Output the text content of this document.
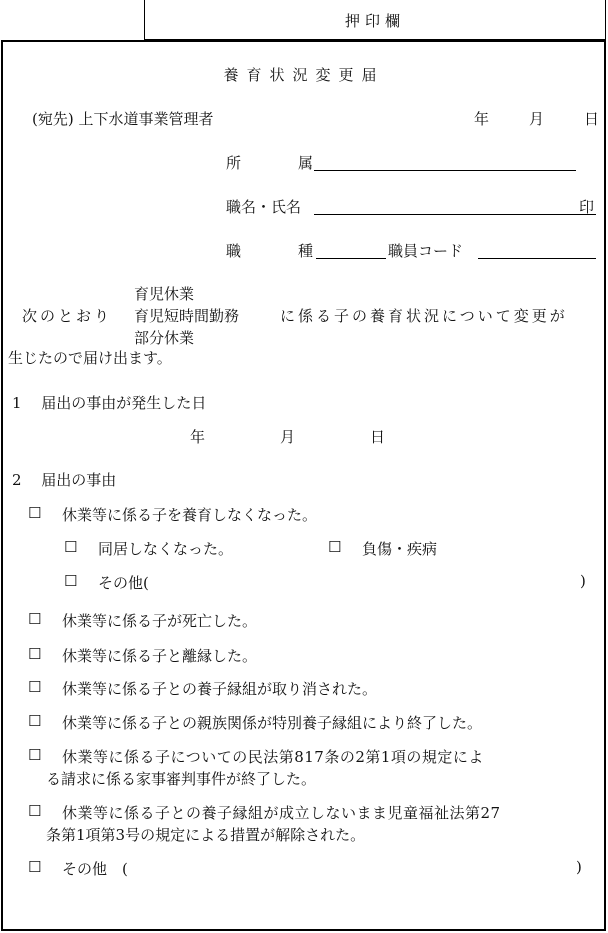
押印欄
養育状況変更届
(宛先) 上下水道事業管理者	年	月	日
所	属
職名・氏名	印
職	種	職員コード
育児休業
次のとおり 育児短時間勤務	に係る子の養育状況について変更が
部分休業
生じたので届け出ます。
1　 届出の事由が発生した日
年	月	日
2　 届出の事由
☐ 休業等に係る子を養育しなくなった。
☐ 同居しなくなった。	☐ 負傷・疾病
☐ その他(	)
☐ 休業等に係る子が死亡した。
☐ 休業等に係る子と離縁した。
☐ 休業等に係る子との養子縁組が取り消された。
☐ 休業等に係る子との親族関係が特別養子縁組により終了した。
☐ 休業等に係る子についての民法第817条の2第1項の規定によ
る請求に係る家事審判事件が終了した。
☐ 休業等に係る子との養子縁組が成立しないまま児童福祉法第27
条第1項第3号の規定による措置が解除された。
☐ その他　(	)
